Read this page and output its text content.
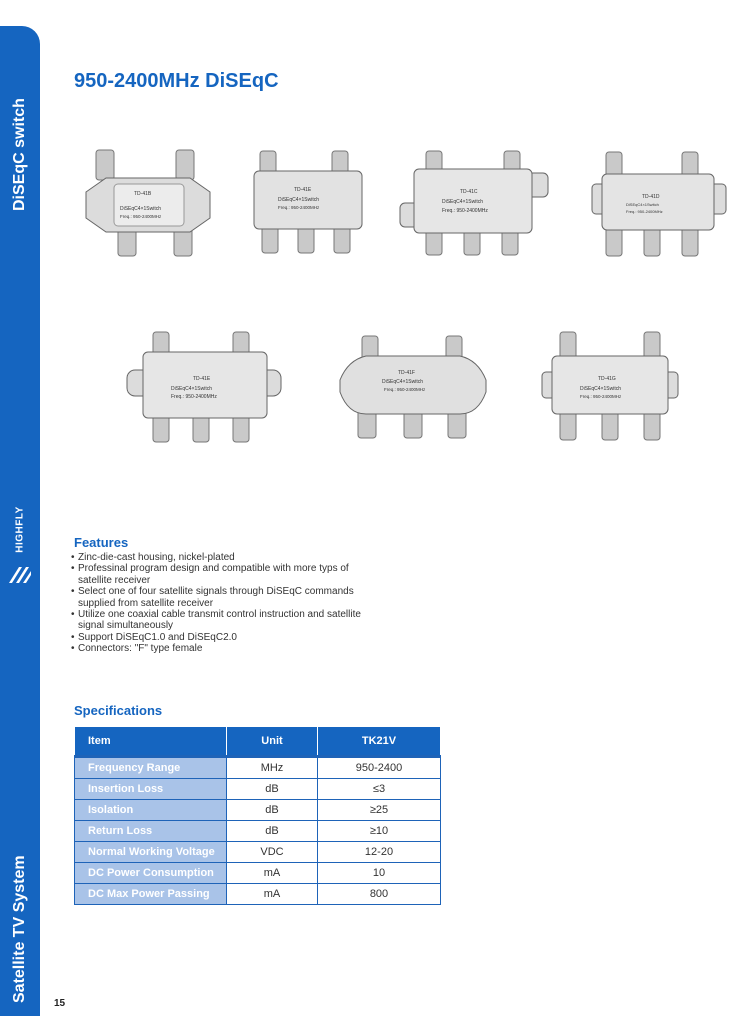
DiSEqC switch
HIGHFLY
Satellite TV System
950-2400MHz DiSEqC
TD-41B
DiSEqC4×1Switch
Freq.: 950-2400MHz
TD-41E
DiSEqC4×1Switch
Freq.: 950-2400MHz
TD-41C
DiSEqC4×1Switch
Freq.: 950-2400MHz
TD-41D
DiSEqC4×1Switch
Freq.: 950-2400MHz
TD-41E
DiSEqC4×1Switch
Freq.: 950-2400MHz
TD-41F
DiSEqC4×1Switch
Freq.: 950-2400MHz
TD-41G
DiSEqC4×1Switch
Freq.: 950-2400MHz
Features
• Zinc-die-cast housing, nickel-plated
• Professinal program design and compatible with more typs of satellite receiver
• Select one of four satellite signals through DiSEqC commands supplied from satellite receiver
• Utilize one coaxial cable transmit control instruction and satellite signal simultaneously
• Support DiSEqC1.0 and DiSEqC2.0
• Connectors: "F" type female
Specifications
Item	Unit	TK21V
Frequency Range	MHz	950-2400
Insertion Loss	dB	≤3
Isolation	dB	≥25
Return Loss	dB	≥10
Normal Working Voltage	VDC	12-20
DC Power Consumption	mA	10
DC Max Power Passing	mA	800
15
